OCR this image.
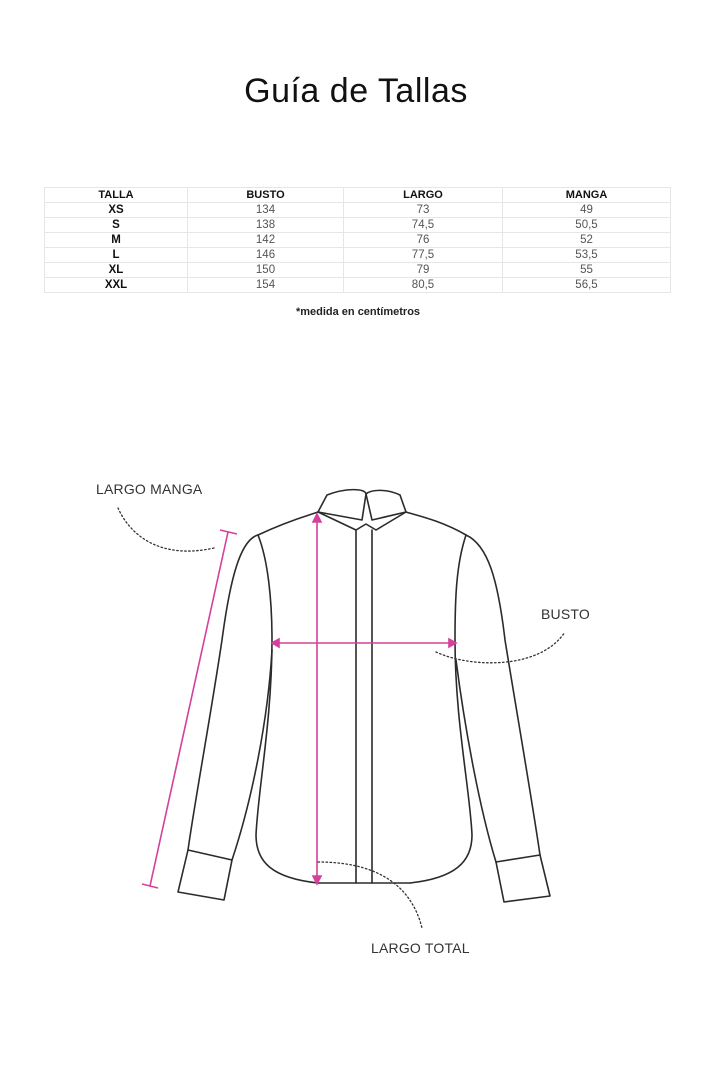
Guía de Tallas
TALLA	BUSTO	LARGO	MANGA
XS	134	73	49
S	138	74,5	50,5
M	142	76	52
L	146	77,5	53,5
XL	150	79	55
XXL	154	80,5	56,5
*medida en centímetros
LARGO MANGA
BUSTO
LARGO TOTAL
